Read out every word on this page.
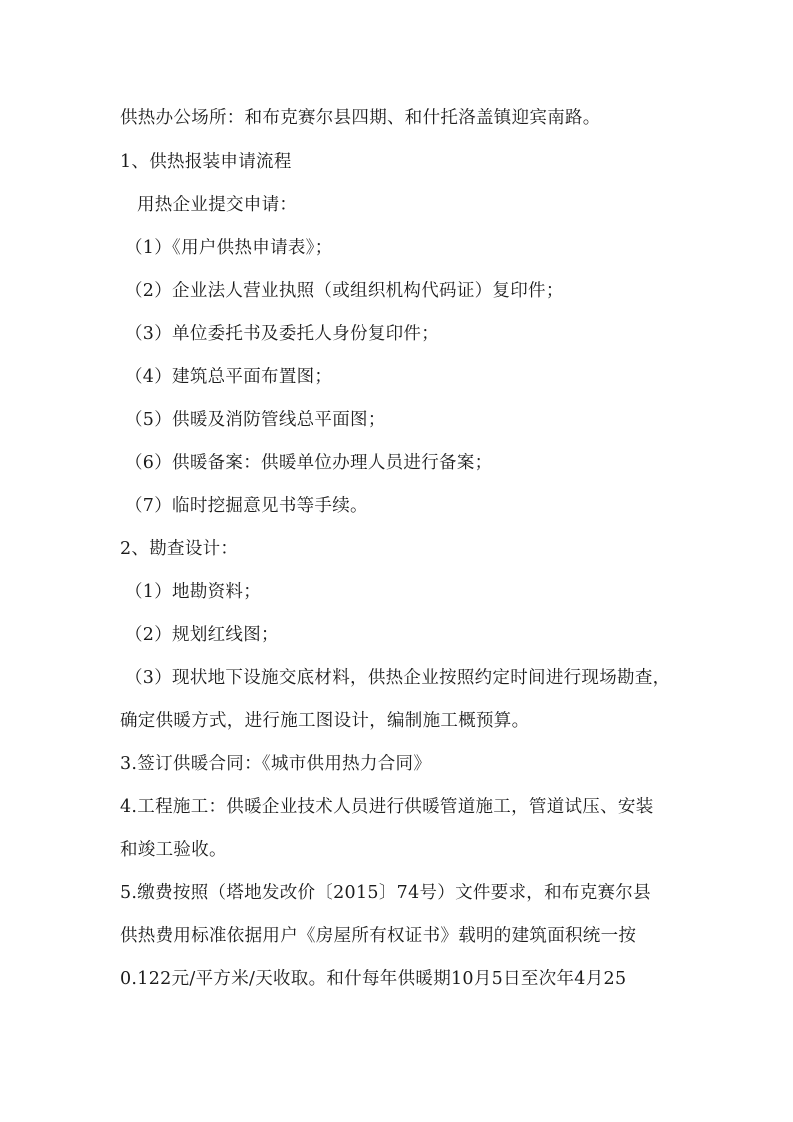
供热办公场所：和布克赛尔县四期、和什托洛盖镇迎宾南路。
1、供热报装申请流程
用热企业提交申请：
（1）《用户供热申请表》；
（2）企业法人营业执照（或组织机构代码证）复印件；
（3）单位委托书及委托人身份复印件；
（4）建筑总平面布置图；
（5）供暖及消防管线总平面图；
（6）供暖备案：供暖单位办理人员进行备案；
（7）临时挖掘意见书等手续。
2、勘查设计：
（1）地勘资料；
（2）规划红线图；
（3）现状地下设施交底材料，供热企业按照约定时间进行现场勘查，
确定供暖方式，进行施工图设计，编制施工概预算。
3.签订供暖合同：《城市供用热力合同》
4.工程施工：供暖企业技术人员进行供暖管道施工，管道试压、安装
和竣工验收。
5.缴费按照（塔地发改价〔2015〕74号）文件要求，和布克赛尔县
供热费用标准依据用户《房屋所有权证书》载明的建筑面积统一按
0.122元/平方米/天收取。和什每年供暖期10月5日至次年4月25
